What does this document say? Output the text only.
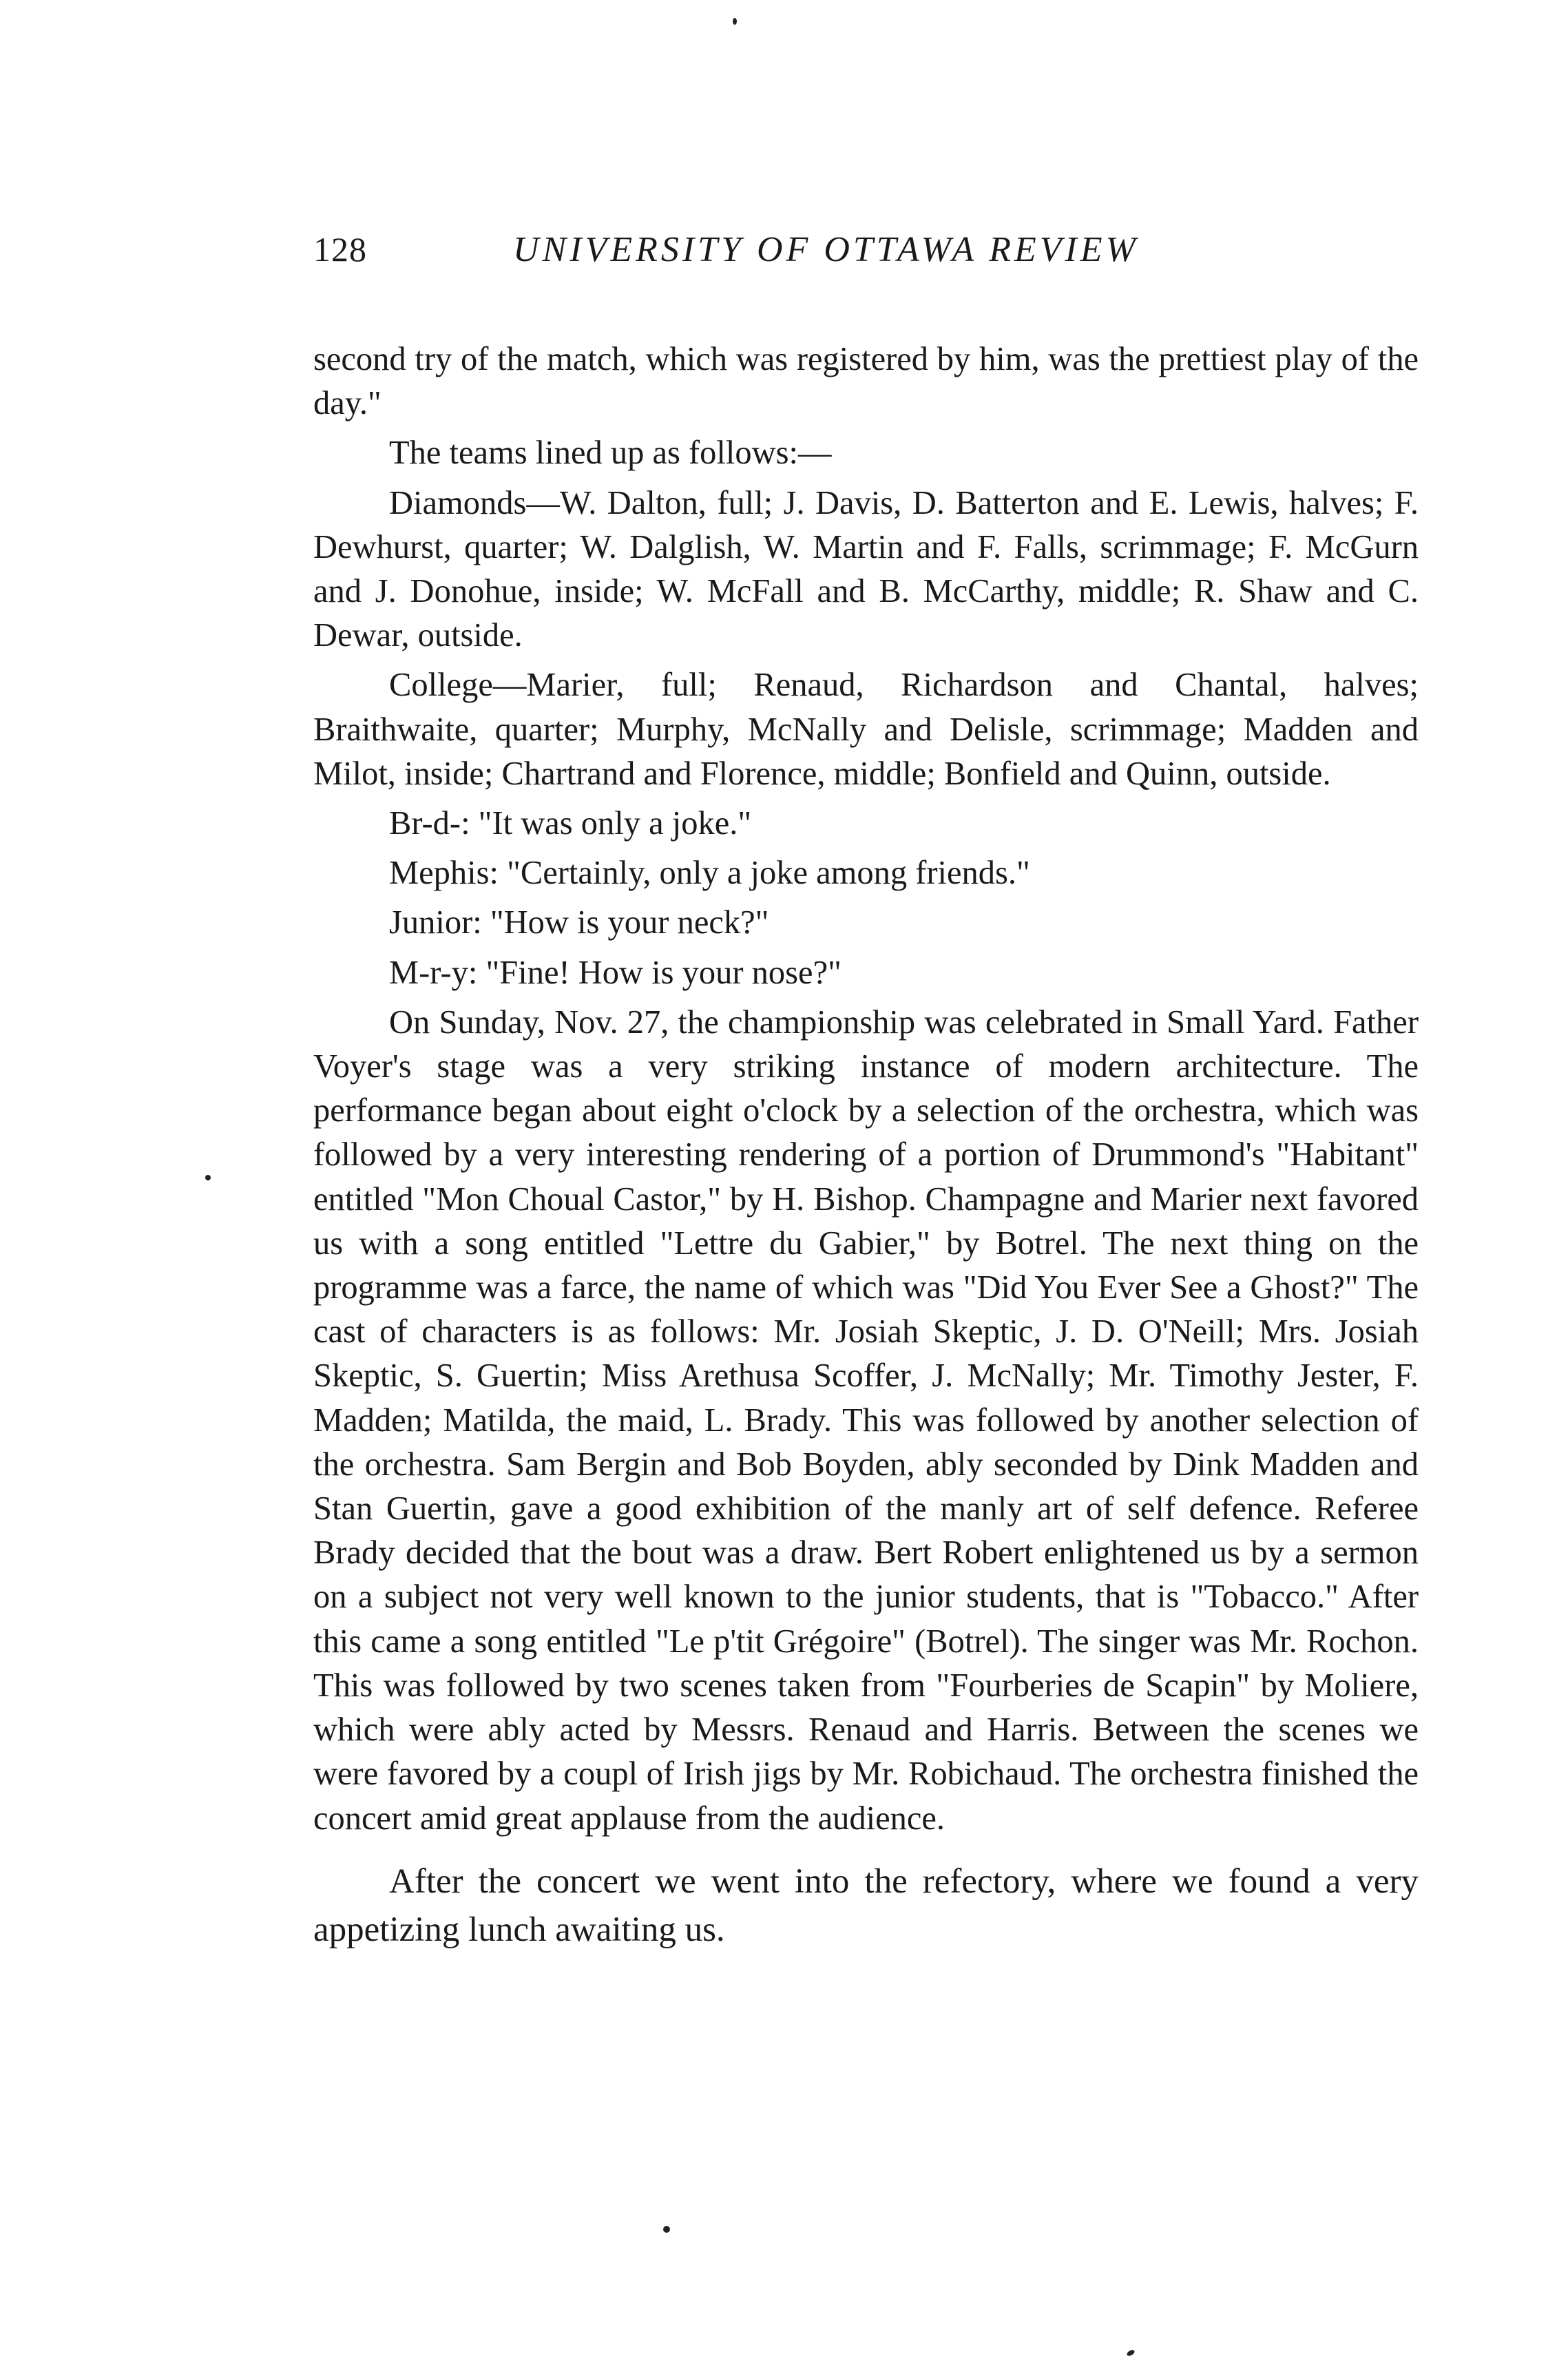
128	UNIVERSITY OF OTTAWA REVIEW

second try of the match, which was registered by him, was the prettiest play of the day."

The teams lined up as follows:—

Diamonds—W. Dalton, full; J. Davis, D. Batterton and E. Lewis, halves; F. Dewhurst, quarter; W. Dalglish, W. Martin and F. Falls, scrimmage; F. McGurn and J. Donohue, inside; W. McFall and B. McCarthy, middle; R. Shaw and C. Dewar, outside.

College—Marier, full; Renaud, Richardson and Chantal, halves; Braithwaite, quarter; Murphy, McNally and Delisle, scrimmage; Madden and Milot, inside; Chartrand and Florence, middle; Bonfield and Quinn, outside.

Br-d-: "It was only a joke."

Mephis: "Certainly, only a joke among friends."

Junior: "How is your neck?"

M-r-y: "Fine! How is your nose?"

On Sunday, Nov. 27, the championship was celebrated in Small Yard. Father Voyer's stage was a very striking instance of modern architecture. The performance began about eight o'clock by a selection of the orchestra, which was followed by a very interesting rendering of a portion of Drummond's "Habitant" entitled "Mon Choual Castor," by H. Bishop. Champagne and Marier next favored us with a song entitled "Lettre du Gabier," by Botrel. The next thing on the programme was a farce, the name of which was "Did You Ever See a Ghost?" The cast of characters is as follows: Mr. Josiah Skeptic, J. D. O'Neill; Mrs. Josiah Skeptic, S. Guertin; Miss Arethusa Scoffer, J. McNally; Mr. Timothy Jester, F. Madden; Matilda, the maid, L. Brady. This was followed by another selection of the orchestra. Sam Bergin and Bob Boyden, ably seconded by Dink Madden and Stan Guertin, gave a good exhibition of the manly art of self defence. Referee Brady decided that the bout was a draw. Bert Robert enlightened us by a sermon on a subject not very well known to the junior students, that is "Tobacco." After this came a song entitled "Le p'tit Grégoire" (Botrel). The singer was Mr. Rochon. This was followed by two scenes taken from "Fourberies de Scapin" by Moliere, which were ably acted by Messrs. Renaud and Harris. Between the scenes we were favored by a coupl of Irish jigs by Mr. Robichaud. The orchestra finished the concert amid great applause from the audience.

After the concert we went into the refectory, where we found a very appetizing lunch awaiting us.
